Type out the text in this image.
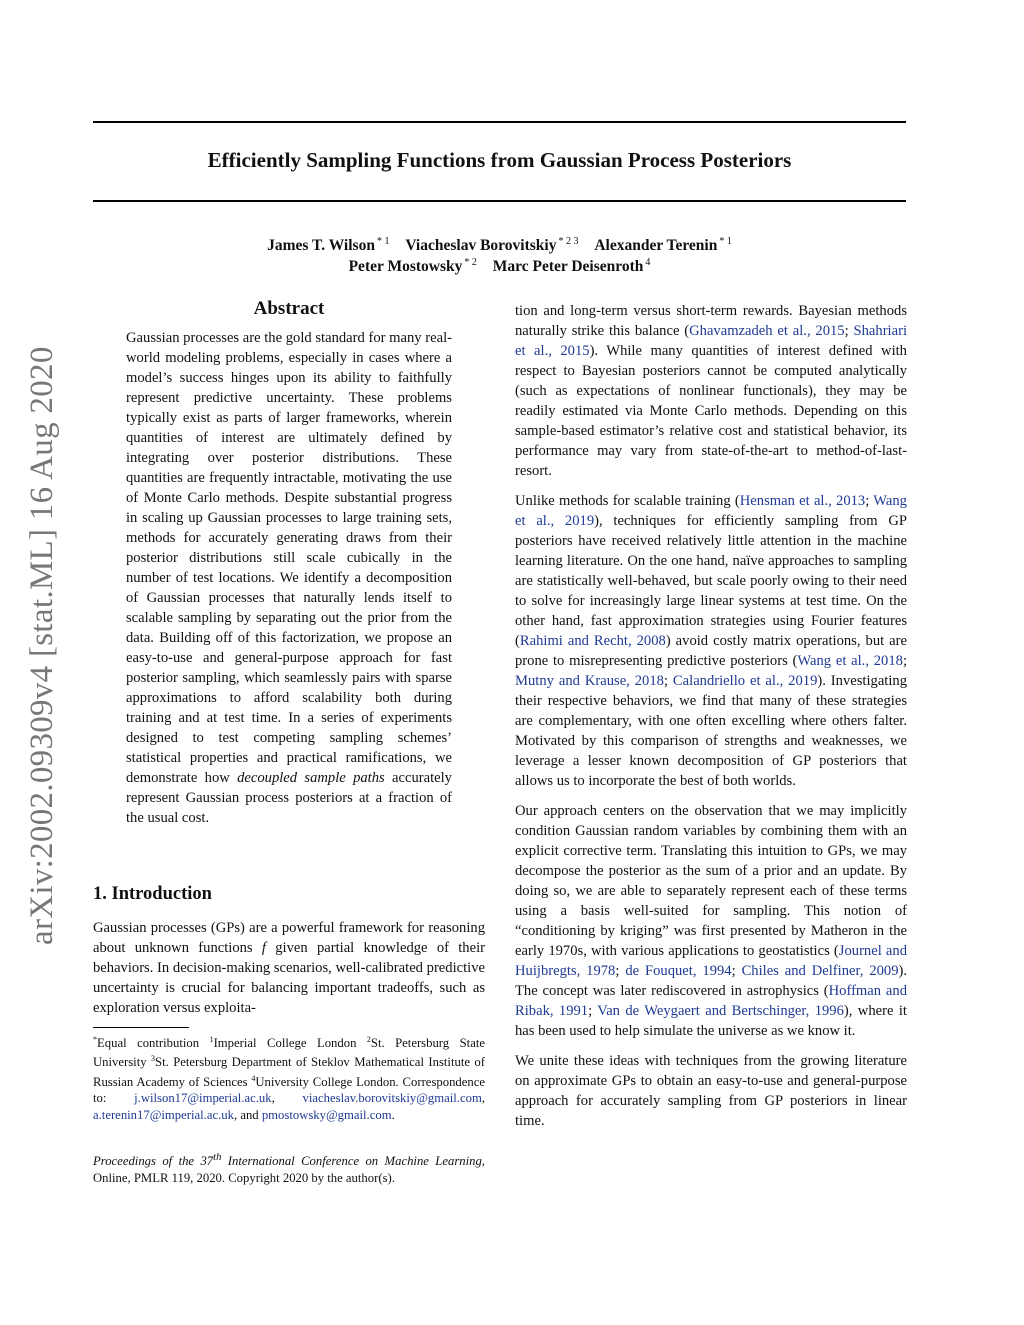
arXiv:2002.09309v4 [stat.ML] 16 Aug 2020
Efficiently Sampling Functions from Gaussian Process Posteriors
James T. Wilson $^{* 1}$ Viacheslav Borovitskiy $^{* 2 3}$ Alexander Terenin $^{* 1}$
Peter Mostowsky $^{* 2}$ Marc Peter Deisenroth $^4$
Abstract
Gaussian processes are the gold standard for many real-world modeling problems, especially in cases where a model’s success hinges upon its ability to faithfully represent predictive uncertainty. These problems typically exist as parts of larger frameworks, wherein quantities of interest are ultimately defined by integrating over posterior distributions. These quantities are frequently intractable, motivating the use of Monte Carlo methods. Despite substantial progress in scaling up Gaussian processes to large training sets, methods for accurately generating draws from their posterior distributions still scale cubically in the number of test locations. We identify a decomposition of Gaussian processes that naturally lends itself to scalable sampling by separating out the prior from the data. Building off of this factorization, we propose an easy-to-use and general-purpose approach for fast posterior sampling, which seamlessly pairs with sparse approximations to afford scalability both during training and at test time. In a series of experiments designed to test competing sampling schemes’ statistical properties and practical ramifications, we demonstrate how decoupled sample paths accurately represent Gaussian process posteriors at a fraction of the usual cost.
1. Introduction
Gaussian processes (GPs) are a powerful framework for reasoning about unknown functions f given partial knowledge of their behaviors. In decision-making scenarios, well-calibrated predictive uncertainty is crucial for balancing important tradeoffs, such as exploration versus exploita-
*Equal contribution $^1$Imperial College London $^2$St. Petersburg State University $^3$St. Petersburg Department of Steklov Mathematical Institute of Russian Academy of Sciences $^4$University College London. Correspondence to: j.wilson17@imperial.ac.uk, viacheslav.borovitskiy@gmail.com, a.terenin17@imperial.ac.uk, and pmostowsky@gmail.com.
Proceedings of the 37th International Conference on Machine Learning, Online, PMLR 119, 2020. Copyright 2020 by the author(s).

tion and long-term versus short-term rewards. Bayesian methods naturally strike this balance (Ghavamzadeh et al., 2015; Shahriari et al., 2015). While many quantities of interest defined with respect to Bayesian posteriors cannot be computed analytically (such as expectations of nonlinear functionals), they may be readily estimated via Monte Carlo methods. Depending on this sample-based estimator’s relative cost and statistical behavior, its performance may vary from state-of-the-art to method-of-last-resort.

Unlike methods for scalable training (Hensman et al., 2013; Wang et al., 2019), techniques for efficiently sampling from GP posteriors have received relatively little attention in the machine learning literature. On the one hand, naïve approaches to sampling are statistically well-behaved, but scale poorly owing to their need to solve for increasingly large linear systems at test time. On the other hand, fast approximation strategies using Fourier features (Rahimi and Recht, 2008) avoid costly matrix operations, but are prone to misrepresenting predictive posteriors (Wang et al., 2018; Mutny and Krause, 2018; Calandriello et al., 2019). Investigating their respective behaviors, we find that many of these strategies are complementary, with one often excelling where others falter. Motivated by this comparison of strengths and weaknesses, we leverage a lesser known decomposition of GP posteriors that allows us to incorporate the best of both worlds.

Our approach centers on the observation that we may implicitly condition Gaussian random variables by combining them with an explicit corrective term. Translating this intuition to GPs, we may decompose the posterior as the sum of a prior and an update. By doing so, we are able to separately represent each of these terms using a basis well-suited for sampling. This notion of “conditioning by kriging” was first presented by Matheron in the early 1970s, with various applications to geostatistics (Journel and Huijbregts, 1978; de Fouquet, 1994; Chiles and Delfiner, 2009). The concept was later rediscovered in astrophysics (Hoffman and Ribak, 1991; Van de Weygaert and Bertschinger, 1996), where it has been used to help simulate the universe as we know it.

We unite these ideas with techniques from the growing literature on approximate GPs to obtain an easy-to-use and general-purpose approach for accurately sampling from GP posteriors in linear time.
